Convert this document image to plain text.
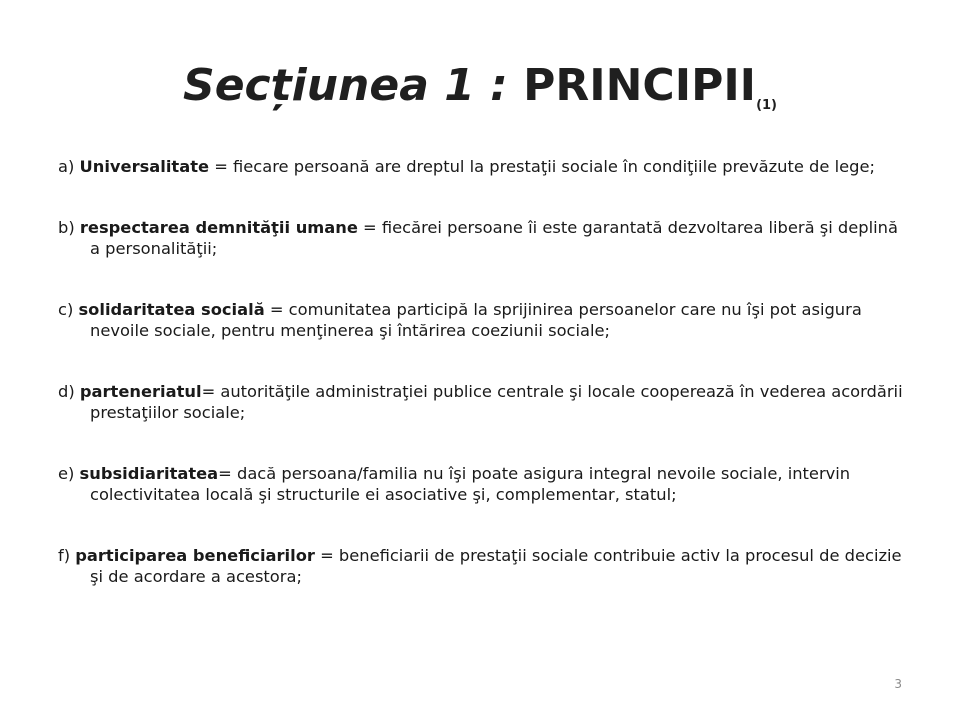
Secțiunea 1 : $PRINCIPII_{(1)}$
a) Universalitate = fiecare persoană are dreptul la prestaţii sociale în condiţiile prevăzute de lege;
b) respectarea demnităţii umane = fiecărei persoane îi este garantată dezvoltarea liberă şi deplină a personalităţii;
c) solidaritatea socială = comunitatea participă la sprijinirea persoanelor care nu îşi pot asigura nevoile sociale, pentru menţinerea şi întărirea coeziunii sociale;
d) parteneriatul= autorităţile administraţiei publice centrale şi locale cooperează în vederea acordării prestaţiilor sociale;
e) subsidiaritatea= dacă persoana/familia nu îşi poate asigura integral nevoile sociale, intervin colectivitatea locală şi structurile ei asociative şi, complementar, statul;
f) participarea beneficiarilor = beneficiarii de prestaţii sociale contribuie activ la procesul de decizie şi de acordare a acestora;
3
